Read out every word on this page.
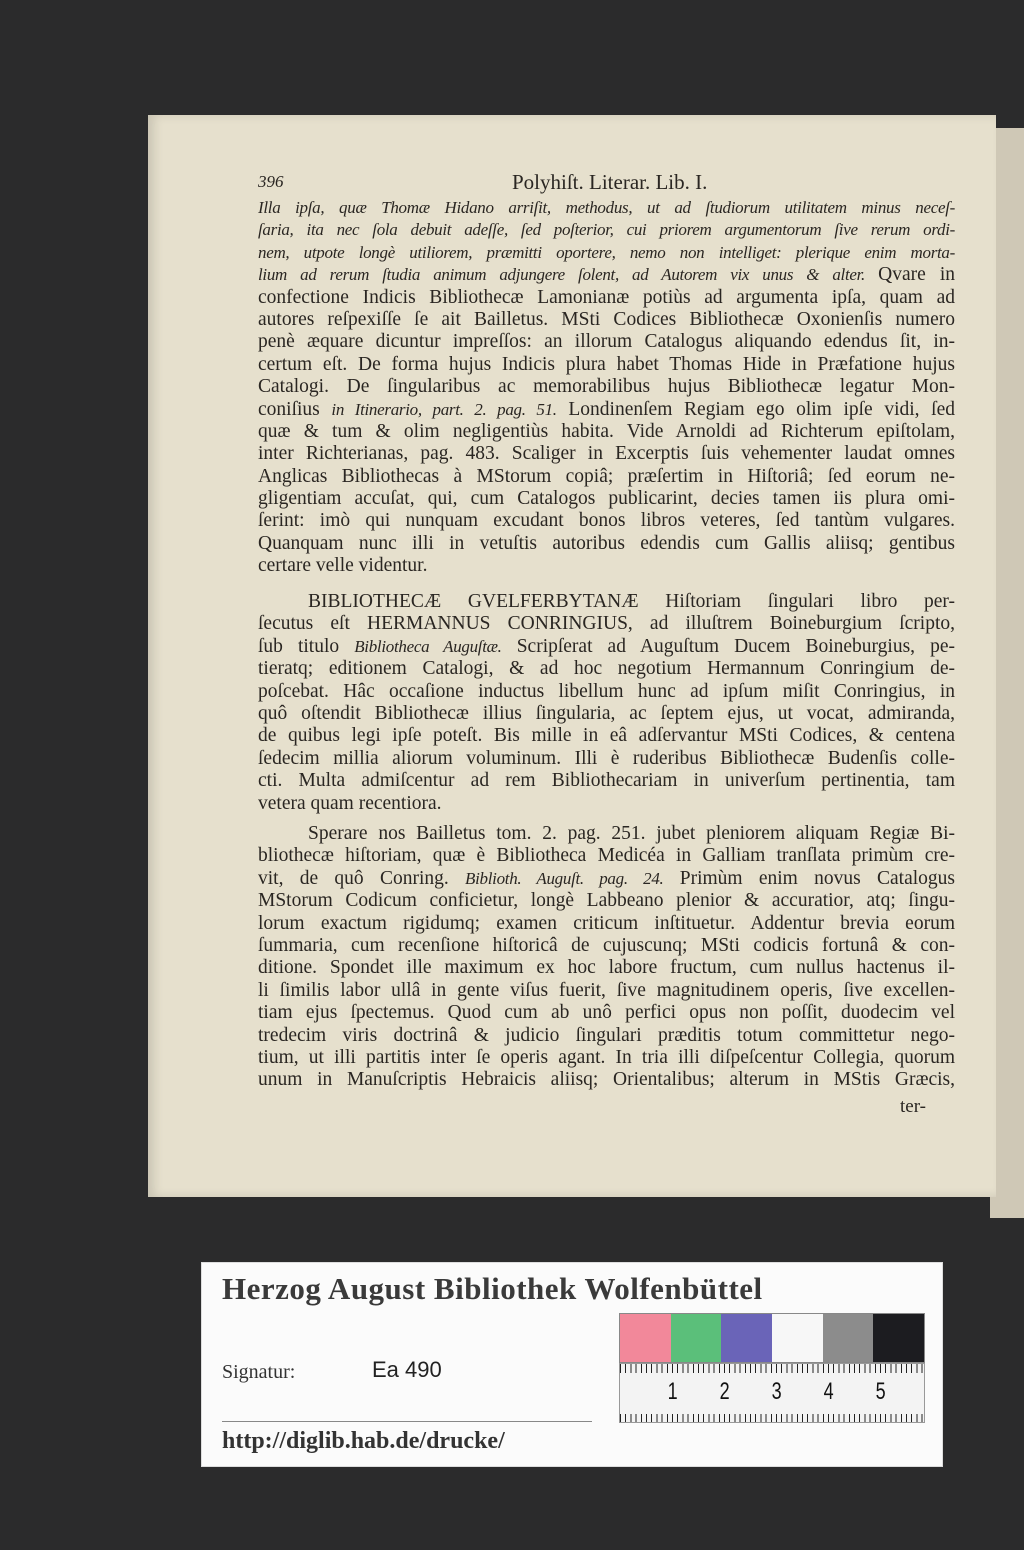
396	Polyhiſt. Literar. Lib. I.
Illa ipſa, quæ Thomæ Hidano arriſit, methodus, ut ad ſtudiorum utilitatem minus neceſ-
ſaria, ita nec ſola debuit adeſſe, ſed poſterior, cui priorem argumentorum ſive rerum ordi-
nem, utpote longè utiliorem, præmitti oportere, nemo non intelliget: plerique enim morta-
lium ad rerum ſtudia animum adjungere ſolent, ad Autorem vix unus & alter. Qvare in
confectione Indicis Bibliothecæ Lamonianæ potiùs ad argumenta ipſa, quam ad
autores reſpexiſſe ſe ait Bailletus. MSti Codices Bibliothecæ Oxonienſis numero
penè æquare dicuntur impreſſos: an illorum Catalogus aliquando edendus ſit, in-
certum eſt. De forma hujus Indicis plura habet Thomas Hide in Præfatione hujus
Catalogi. De ſingularibus ac memorabilibus hujus Bibliothecæ legatur Mon-
coniſius in Itinerario, part. 2. pag. 51. Londinenſem Regiam ego olim ipſe vidi, ſed
quæ & tum & olim negligentiùs habita. Vide Arnoldi ad Richterum epiſtolam,
inter Richterianas, pag. 483. Scaliger in Excerptis ſuis vehementer laudat omnes
Anglicas Bibliothecas à MStorum copiâ; præſertim in Hiſtoriâ; ſed eorum ne-
gligentiam accuſat, qui, cum Catalogos publicarint, decies tamen iis plura omi-
ſerint: imò qui nunquam excudant bonos libros veteres, ſed tantùm vulgares.
Quanquam nunc illi in vetuſtis autoribus edendis cum Gallis aliisq; gentibus
certare velle videntur.
BIBLIOTHECÆ GVELFERBYTANÆ Hiſtoriam ſingulari libro per-
ſecutus eſt HERMANNUS CONRINGIUS, ad illuſtrem Boineburgium ſcripto,
ſub titulo Bibliotheca Auguſtæ. Scripſerat ad Auguſtum Ducem Boineburgius, pe-
tieratq; editionem Catalogi, & ad hoc negotium Hermannum Conringium de-
poſcebat. Hâc occaſione inductus libellum hunc ad ipſum miſit Conringius, in
quô oſtendit Bibliothecæ illius ſingularia, ac ſeptem ejus, ut vocat, admiranda,
de quibus legi ipſe poteſt. Bis mille in eâ adſervantur MSti Codices, & centena
ſedecim millia aliorum voluminum. Illi è ruderibus Bibliothecæ Budenſis colle-
cti. Multa admiſcentur ad rem Bibliothecariam in univerſum pertinentia, tam
vetera quam recentiora.
Sperare nos Bailletus tom. 2. pag. 251. jubet pleniorem aliquam Regiæ Bi-
bliothecæ hiſtoriam, quæ è Bibliotheca Medicéa in Galliam tranſlata primùm cre-
vit, de quô Conring. Biblioth. Auguſt. pag. 24. Primùm enim novus Catalogus
MStorum Codicum conficietur, longè Labbeano plenior & accuratior, atq; ſingu-
lorum exactum rigidumq; examen criticum inſtituetur. Addentur brevia eorum
ſummaria, cum recenſione hiſtoricâ de cujuscunq; MSti codicis fortunâ & con-
ditione. Spondet ille maximum ex hoc labore fructum, cum nullus hactenus il-
li ſimilis labor ullâ in gente viſus fuerit, ſive magnitudinem operis, ſive excellen-
tiam ejus ſpectemus. Quod cum ab unô perfici opus non poſſit, duodecim vel
tredecim viris doctrinâ & judicio ſingulari præditis totum committetur nego-
tium, ut illi partitis inter ſe operis agant. In tria illi diſpeſcentur Collegia, quorum
unum in Manuſcriptis Hebraicis aliisq; Orientalibus; alterum in MStis Græcis,
ter-
Herzog August Bibliothek Wolfenbüttel
Signatur:	Ea 490
http://diglib.hab.de/drucke/
1 2 3 4 5
